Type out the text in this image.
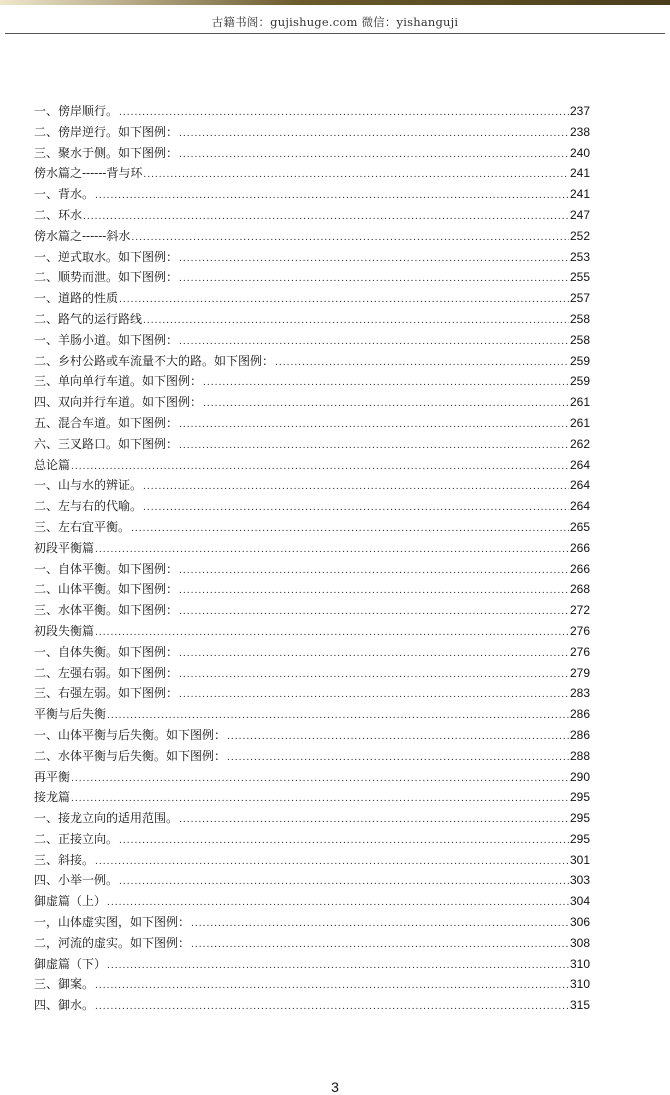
古籍书阁：gujishuge.com 微信：yishanguji
一、傍岸顺行。 .....	237
二、傍岸逆行。如下图例： .....	238
三、聚水于侧。如下图例： .....	240
傍水篇之------背与环 .....	241
一、背水。 .....	241
二、环水 .....	247
傍水篇之------斜水 .....	252
一、逆式取水。如下图例： .....	253
二、顺势而泄。如下图例： .....	255
一、道路的性质 .....	257
二、路气的运行路线 .....	258
一、羊肠小道。如下图例： .....	258
二、乡村公路或车流量不大的路。如下图例： .....	259
三、单向单行车道。如下图例： .....	259
四、双向并行车道。如下图例： .....	261
五、混合车道。如下图例： .....	261
六、三叉路口。如下图例： .....	262
总论篇 .....	264
一、山与水的辨证。 .....	264
二、左与右的代喻。 .....	264
三、左右宜平衡。 .....	265
初段平衡篇 .....	266
一、自体平衡。如下图例： .....	266
二、山体平衡。如下图例： .....	268
三、水体平衡。如下图例： .....	272
初段失衡篇 .....	276
一、自体失衡。如下图例： .....	276
二、左强右弱。如下图例： .....	279
三、右强左弱。如下图例： .....	283
平衡与后失衡 .....	286
一、山体平衡与后失衡。如下图例： .....	286
二、水体平衡与后失衡。如下图例： .....	288
再平衡 .....	290
接龙篇 .....	295
一、接龙立向的适用范围。 .....	295
二、正接立向。 .....	295
三、斜接。 .....	301
四、小举一例。 .....	303
御虚篇（上） .....	304
一，山体虚实图，如下图例： .....	306
二，河流的虚实。如下图例： .....	308
御虚篇（下） .....	310
三、御案。 .....	310
四、御水。 .....	315
3
